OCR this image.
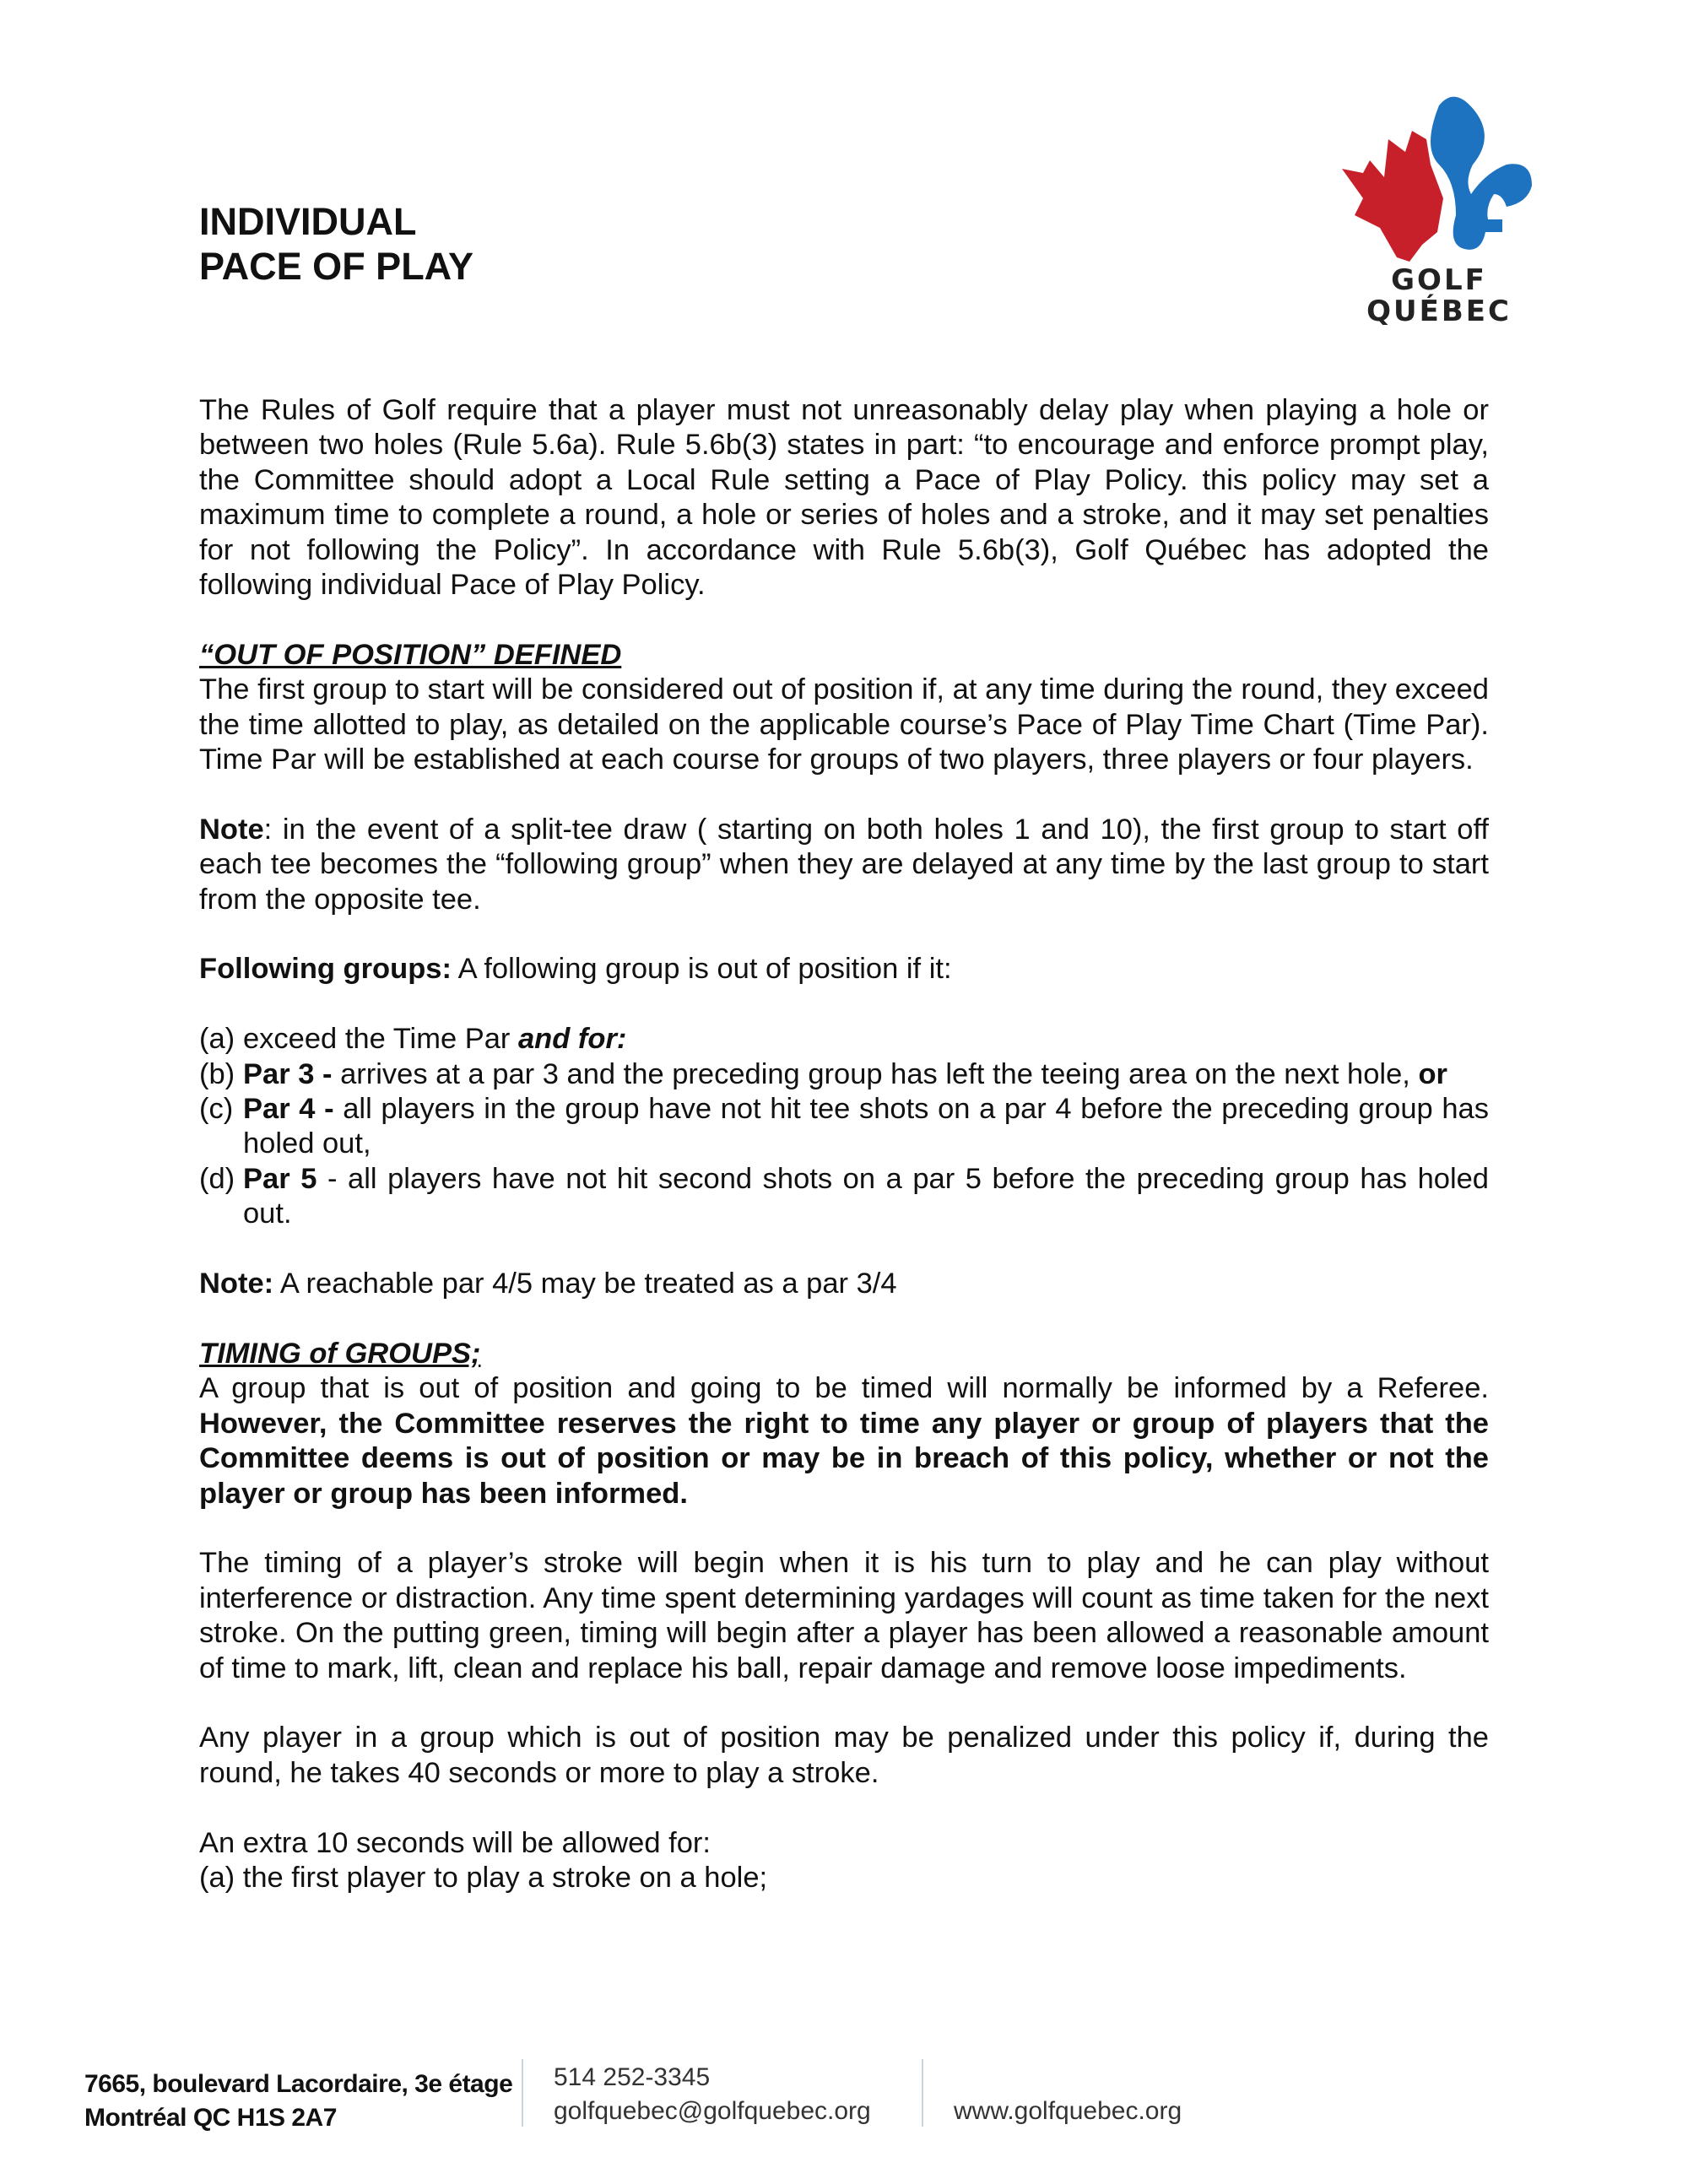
INDIVIDUAL
PACE OF PLAY	GOLF
QUÉBEC

The Rules of Golf require that a player must not unreasonably delay play when playing a hole or between two holes (Rule 5.6a). Rule 5.6b(3) states in part: “to encourage and enforce prompt play, the Committee should adopt a Local Rule setting a Pace of Play Policy. this policy may set a maximum time to complete a round, a hole or series of holes and a stroke, and it may set penalties for not following the Policy”. In accordance with Rule 5.6b(3), Golf Québec has adopted the following individual Pace of Play Policy.

“OUT OF POSITION” DEFINED

The first group to start will be considered out of position if, at any time during the round, they exceed the time allotted to play, as detailed on the applicable course’s Pace of Play Time Chart (Time Par). Time Par will be established at each course for groups of two players, three players or four players.

Note: in the event of a split-tee draw ( starting on both holes 1 and 10), the first group to start off each tee becomes the “following group” when they are delayed at any time by the last group to start from the opposite tee.

Following groups: A following group is out of position if it:

(a) exceed the Time Par and for:
(b) Par 3 - arrives at a par 3 and the preceding group has left the teeing area on the next hole, or
(c) Par 4 - all players in the group have not hit tee shots on a par 4 before the preceding group has holed out,
(d) Par 5 - all players have not hit second shots on a par 5 before the preceding group has holed out.

Note: A reachable par 4/5 may be treated as a par 3/4

TIMING of GROUPS;

A group that is out of position and going to be timed will normally be informed by a Referee. However, the Committee reserves the right to time any player or group of players that the Committee deems is out of position or may be in breach of this policy, whether or not the player or group has been informed.

The timing of a player’s stroke will begin when it is his turn to play and he can play without interference or distraction. Any time spent determining yardages will count as time taken for the next stroke. On the putting green, timing will begin after a player has been allowed a reasonable amount of time to mark, lift, clean and replace his ball, repair damage and remove loose impediments.

Any player in a group which is out of position may be penalized under this policy if, during the round, he takes 40 seconds or more to play a stroke.

An extra 10 seconds will be allowed for:

(a) the first player to play a stroke on a hole;

7665, boulevard Lacordaire, 3e étage
Montréal QC H1S 2A7
514 252-3345
golfquebec@golfquebec.org	www.golfquebec.org
